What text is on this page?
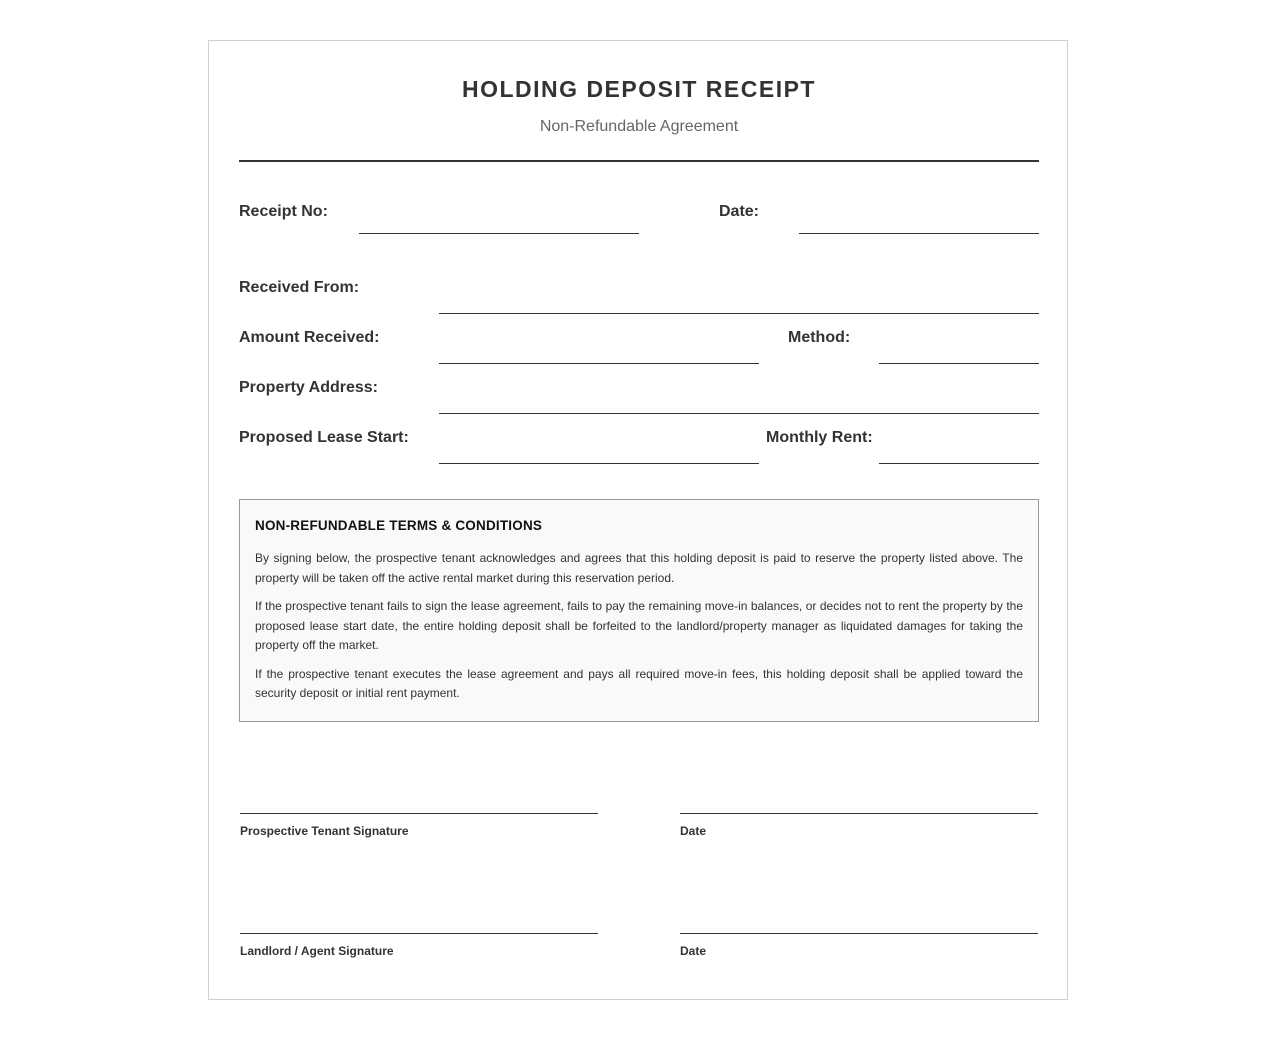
HOLDING DEPOSIT RECEIPT
Non-Refundable Agreement
Receipt No:	Date:
Received From:
Amount Received:	Method:
Property Address:
Proposed Lease Start:	Monthly Rent:
NON-REFUNDABLE TERMS & CONDITIONS

By signing below, the prospective tenant acknowledges and agrees that this holding deposit is paid to reserve the property listed above. The property will be taken off the active rental market during this reservation period.

If the prospective tenant fails to sign the lease agreement, fails to pay the remaining move-in balances, or decides not to rent the property by the proposed lease start date, the entire holding deposit shall be forfeited to the landlord/property manager as liquidated damages for taking the property off the market.

If the prospective tenant executes the lease agreement and pays all required move-in fees, this holding deposit shall be applied toward the security deposit or initial rent payment.

Prospective Tenant Signature	Date
Landlord / Agent Signature	Date
